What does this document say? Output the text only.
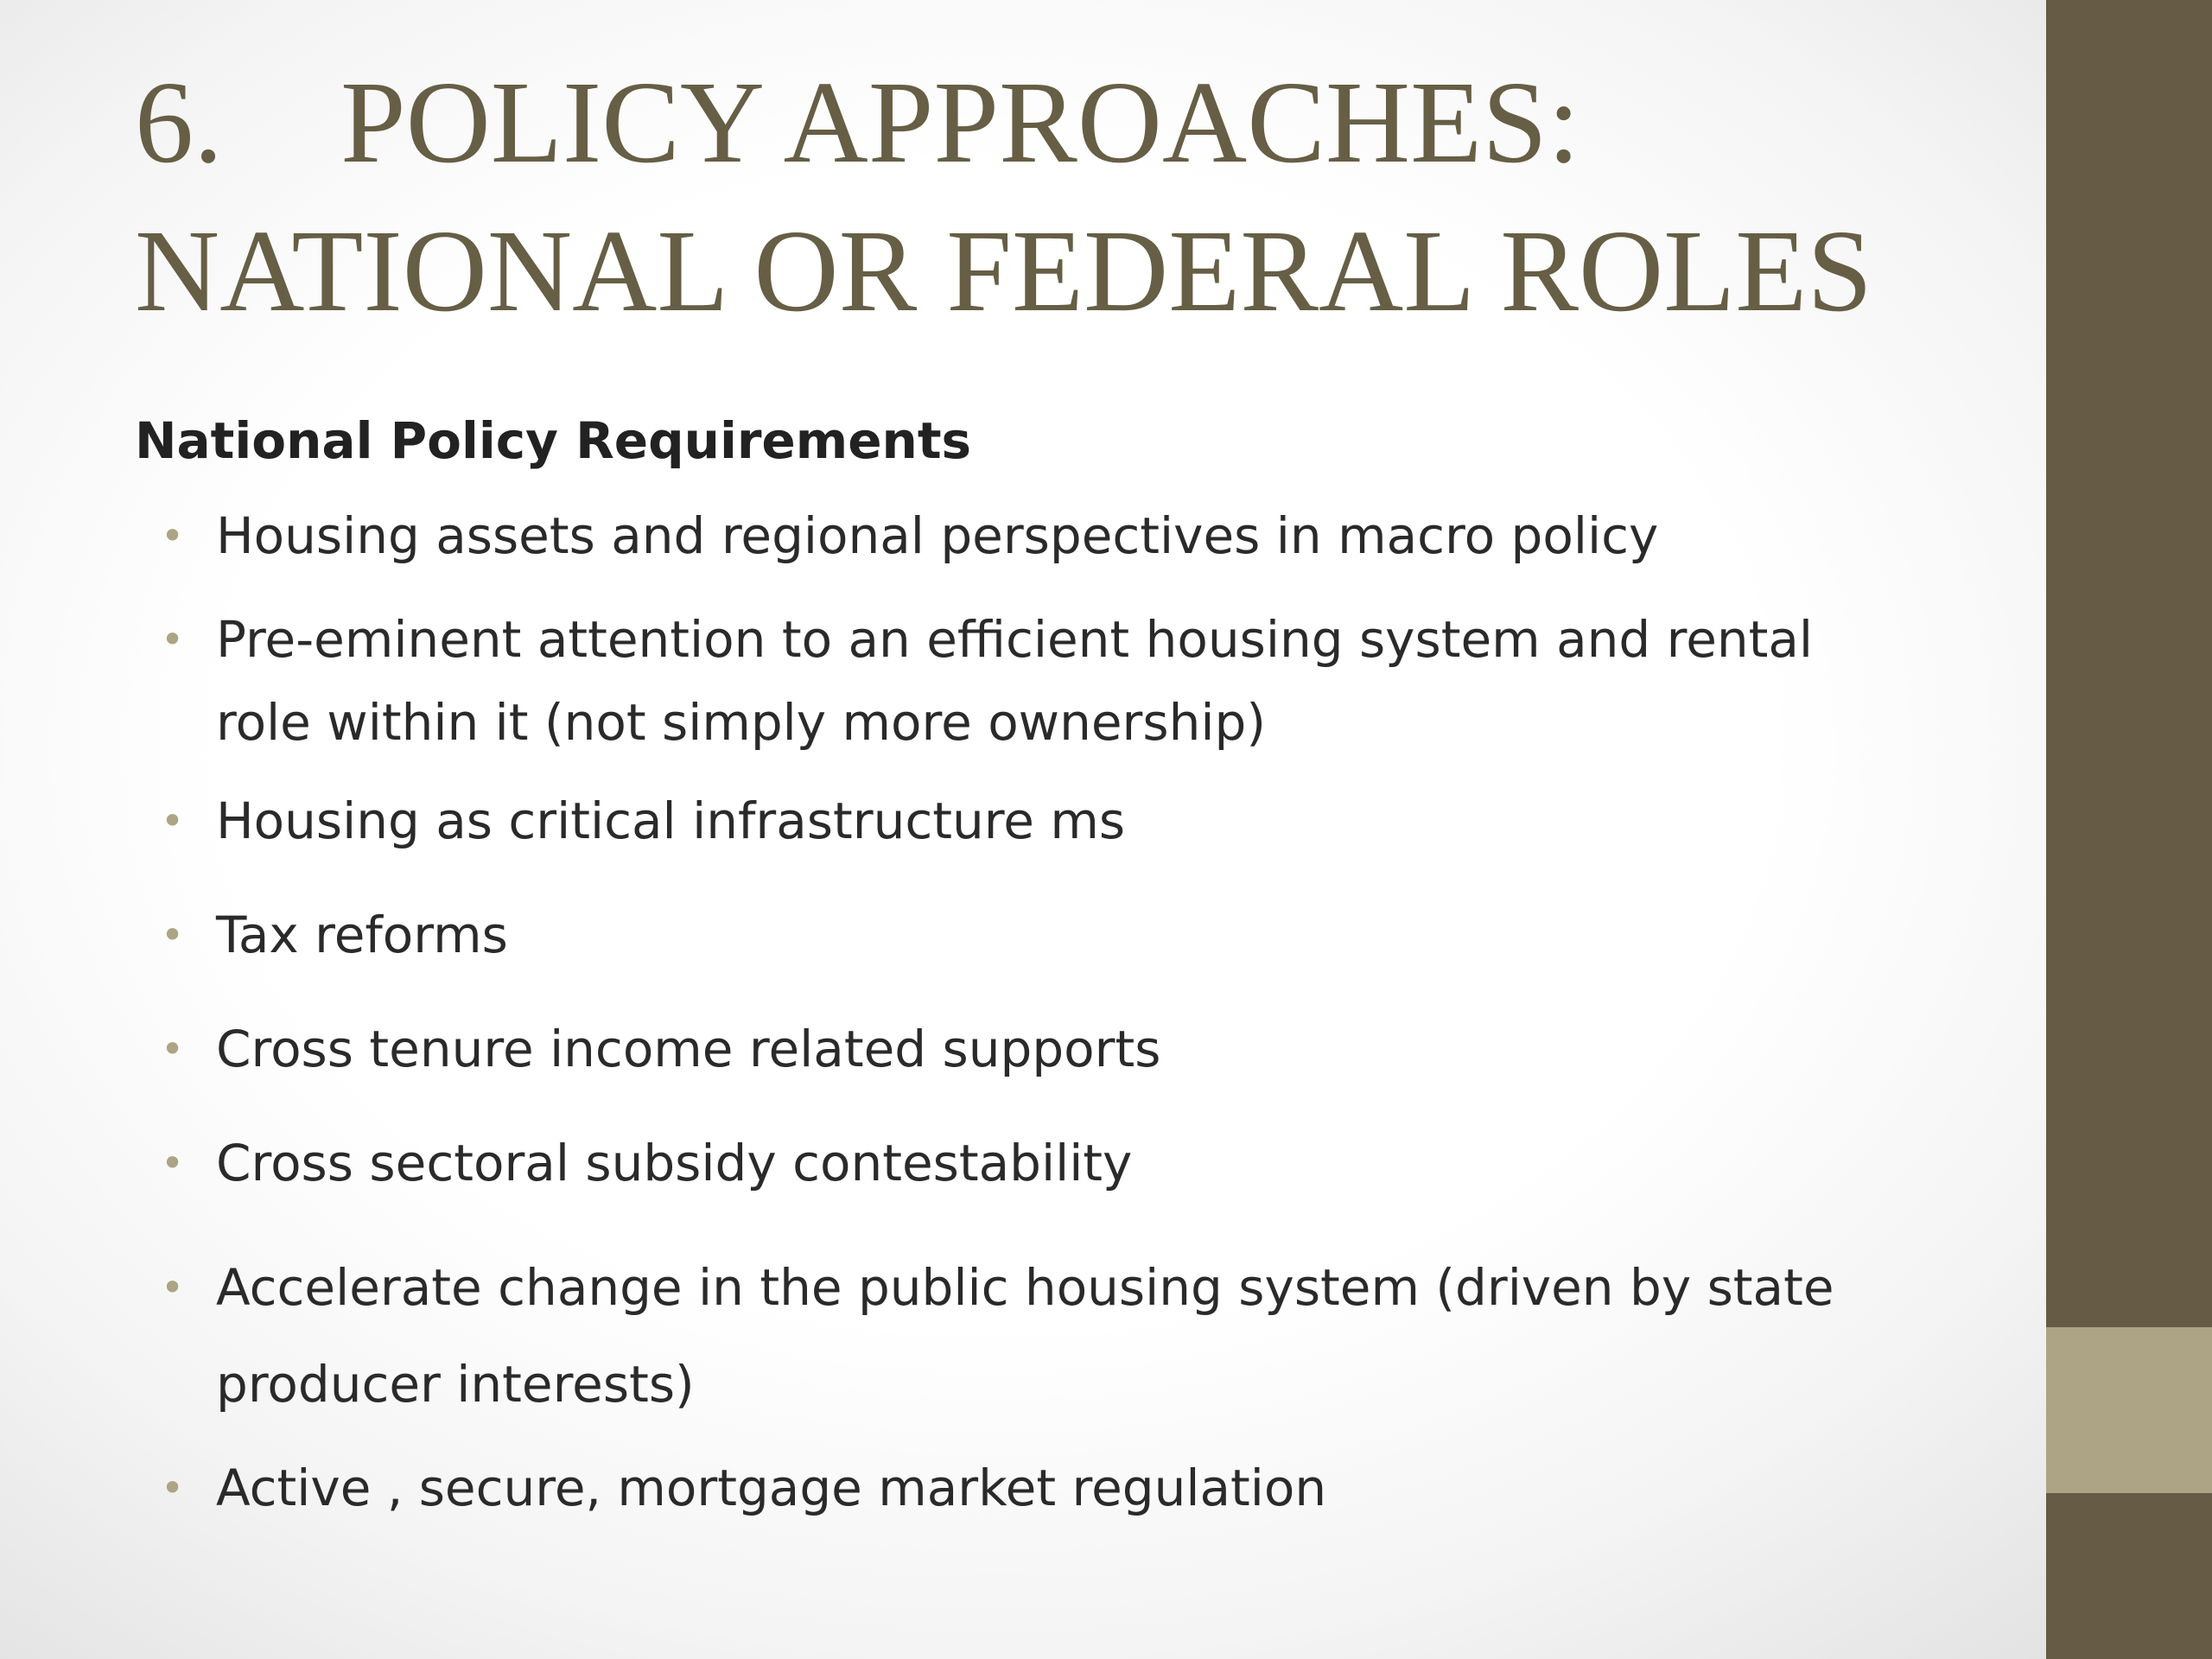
6. POLICY APPROACHES: NATIONAL OR FEDERAL ROLES

National Policy Requirements

• Housing assets and regional perspectives in macro policy
• Pre-eminent attention to an efficient housing system and rental role within it (not simply more ownership)
• Housing as critical infrastructure ms
• Tax reforms
• Cross tenure income related supports
• Cross sectoral subsidy contestability
• Accelerate change in the public housing system (driven by state producer interests)
• Active , secure, mortgage market regulation
